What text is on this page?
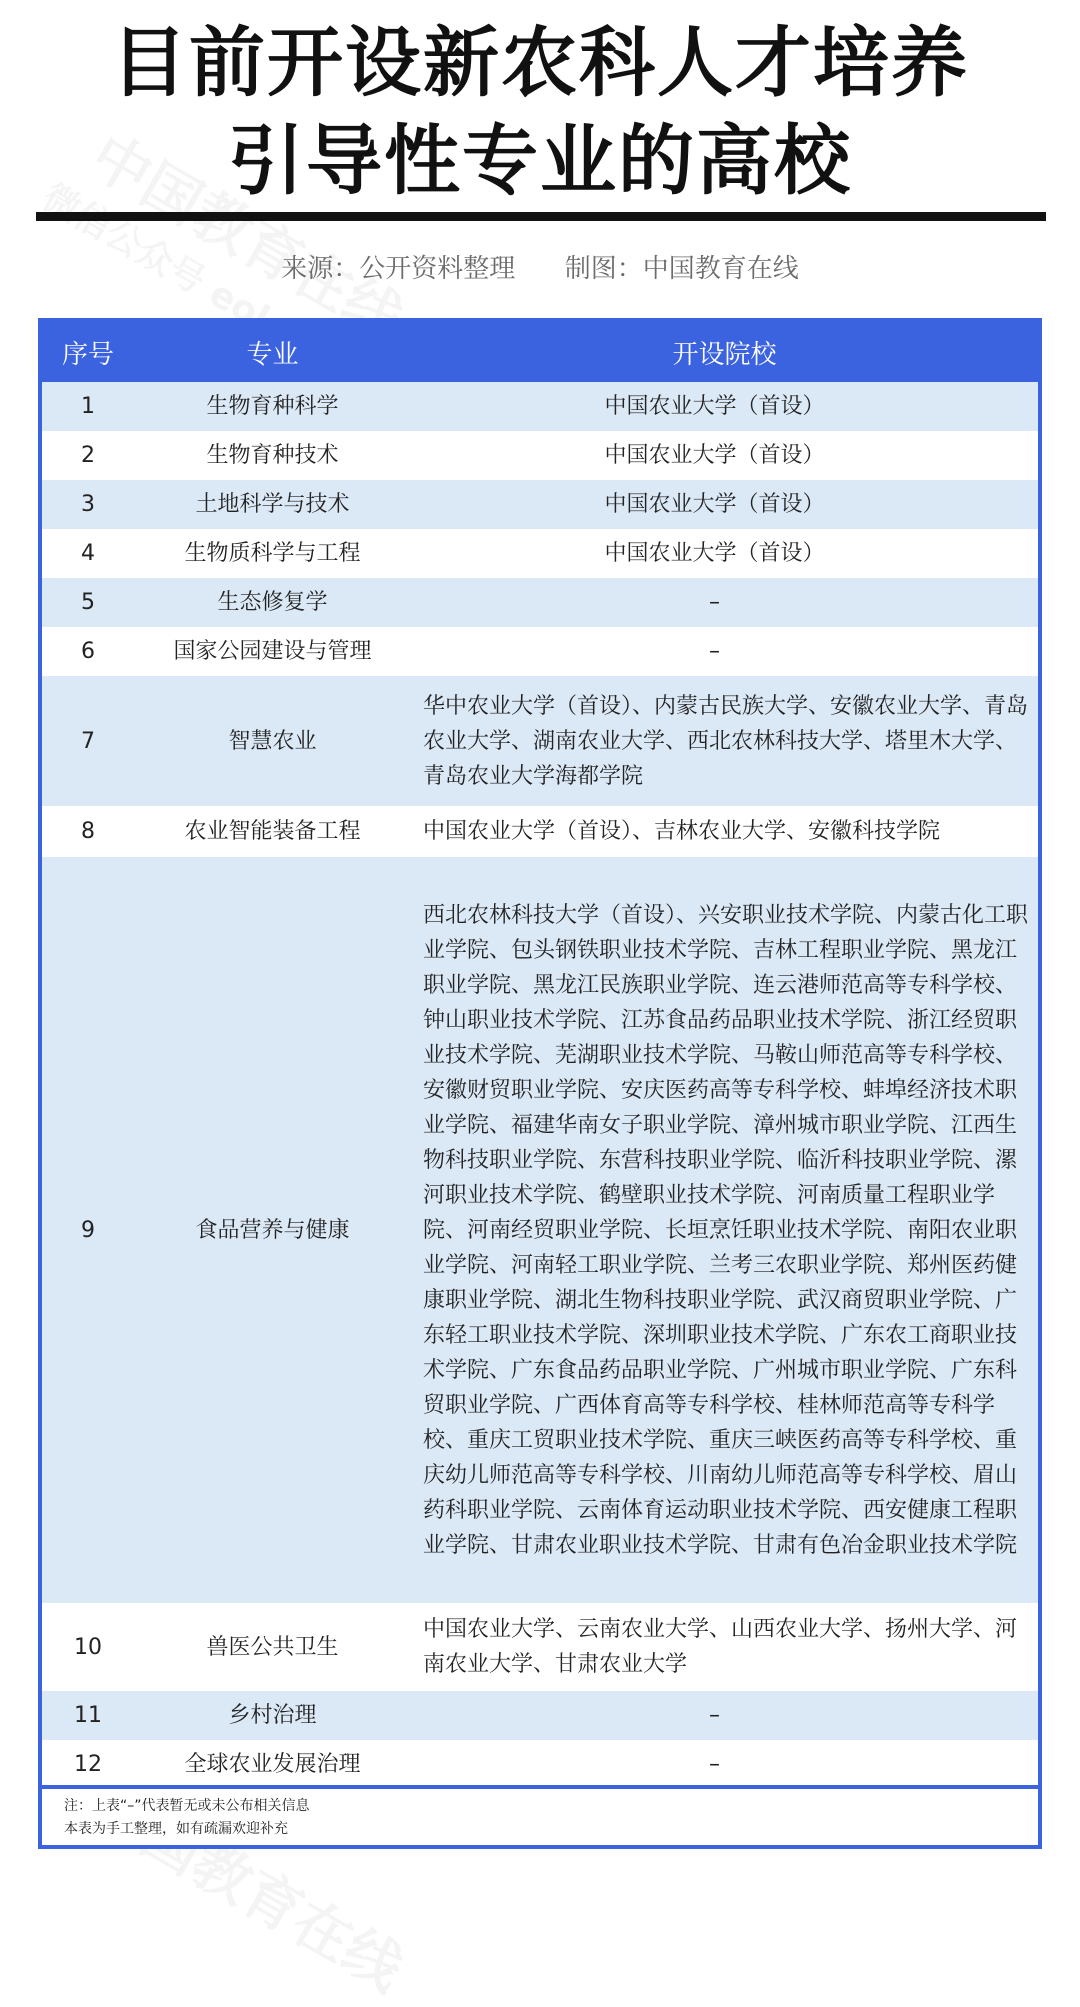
目前开设新农科人才培养
引导性专业的高校
来源：公开资料整理 制图：中国教育在线
序号	专业	开设院校
1	生物育种科学	中国农业大学（首设）
2	生物育种技术	中国农业大学（首设）
3	土地科学与技术	中国农业大学（首设）
4	生物质科学与工程	中国农业大学（首设）
5	生态修复学	–
6	国家公园建设与管理	–
7	智慧农业	华中农业大学（首设）、内蒙古民族大学、安徽农业大学、青岛农业大学、湖南农业大学、西北农林科技大学、塔里木大学、青岛农业大学海都学院
8	农业智能装备工程	中国农业大学（首设）、吉林农业大学、安徽科技学院
9	食品营养与健康	西北农林科技大学（首设）、兴安职业技术学院、内蒙古化工职业学院、包头钢铁职业技术学院、吉林工程职业学院、黑龙江职业学院、黑龙江民族职业学院、连云港师范高等专科学校、钟山职业技术学院、江苏食品药品职业技术学院、浙江经贸职业技术学院、芜湖职业技术学院、马鞍山师范高等专科学校、安徽财贸职业学院、安庆医药高等专科学校、蚌埠经济技术职业学院、福建华南女子职业学院、漳州城市职业学院、江西生物科技职业学院、东营科技职业学院、临沂科技职业学院、漯河职业技术学院、鹤壁职业技术学院、河南质量工程职业学院、河南经贸职业学院、长垣烹饪职业技术学院、南阳农业职业学院、河南轻工职业学院、兰考三农职业学院、郑州医药健康职业学院、湖北生物科技职业学院、武汉商贸职业学院、广东轻工职业技术学院、深圳职业技术学院、广东农工商职业技术学院、广东食品药品职业学院、广州城市职业学院、广东科贸职业学院、广西体育高等专科学校、桂林师范高等专科学校、重庆工贸职业技术学院、重庆三峡医药高等专科学校、重庆幼儿师范高等专科学校、川南幼儿师范高等专科学校、眉山药科职业学院、云南体育运动职业技术学院、西安健康工程职业学院、甘肃农业职业技术学院、甘肃有色冶金职业技术学院
10	兽医公共卫生	中国农业大学、云南农业大学、山西农业大学、扬州大学、河南农业大学、甘肃农业大学
11	乡村治理	–
12	全球农业发展治理	–
注：上表“–”代表暂无或未公布相关信息
本表为手工整理，如有疏漏欢迎补充
